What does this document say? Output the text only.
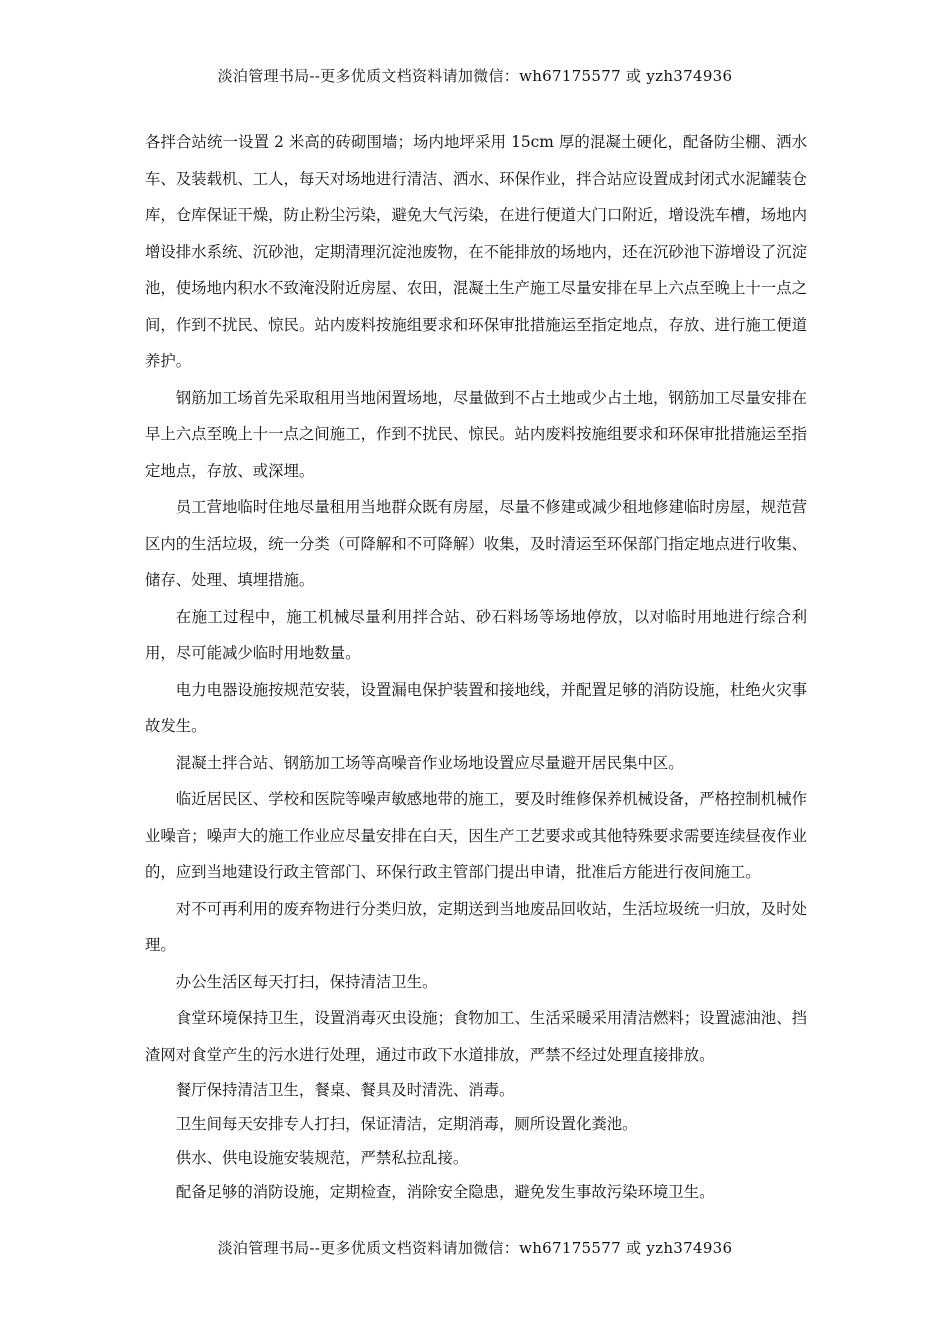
淡泊管理书局--更多优质文档资料请加微信：wh67175577 或 yzh374936

各拌合站统一设置 2 米高的砖砌围墙；场内地坪采用 15cm 厚的混凝土硬化，配备防尘棚、洒水车、及装载机、工人，每天对场地进行清洁、洒水、环保作业，拌合站应设置成封闭式水泥罐装仓库，仓库保证干燥，防止粉尘污染，避免大气污染，在进行便道大门口附近，增设洗车槽，场地内增设排水系统、沉砂池，定期清理沉淀池废物，在不能排放的场地内，还在沉砂池下游增设了沉淀池，使场地内积水不致淹没附近房屋、农田，混凝土生产施工尽量安排在早上六点至晚上十一点之间，作到不扰民、惊民。站内废料按施组要求和环保审批措施运至指定地点，存放、进行施工便道养护。

钢筋加工场首先采取租用当地闲置场地，尽量做到不占土地或少占土地，钢筋加工尽量安排在早上六点至晚上十一点之间施工，作到不扰民、惊民。站内废料按施组要求和环保审批措施运至指定地点，存放、或深埋。

员工营地临时住地尽量租用当地群众既有房屋，尽量不修建或减少租地修建临时房屋，规范营区内的生活垃圾，统一分类（可降解和不可降解）收集，及时清运至环保部门指定地点进行收集、储存、处理、填埋措施。

在施工过程中，施工机械尽量利用拌合站、砂石料场等场地停放，以对临时用地进行综合利用，尽可能减少临时用地数量。

电力电器设施按规范安装，设置漏电保护装置和接地线，并配置足够的消防设施，杜绝火灾事故发生。

混凝土拌合站、钢筋加工场等高噪音作业场地设置应尽量避开居民集中区。

临近居民区、学校和医院等噪声敏感地带的施工，要及时维修保养机械设备，严格控制机械作业噪音；噪声大的施工作业应尽量安排在白天，因生产工艺要求或其他特殊要求需要连续昼夜作业的，应到当地建设行政主管部门、环保行政主管部门提出申请，批准后方能进行夜间施工。

对不可再利用的废弃物进行分类归放，定期送到当地废品回收站，生活垃圾统一归放，及时处理。

办公生活区每天打扫，保持清洁卫生。

食堂环境保持卫生，设置消毒灭虫设施；食物加工、生活采暖采用清洁燃料；设置滤油池、挡渣网对食堂产生的污水进行处理，通过市政下水道排放，严禁不经过处理直接排放。

餐厅保持清洁卫生，餐桌、餐具及时清洗、消毒。

卫生间每天安排专人打扫，保证清洁，定期消毒，厕所设置化粪池。

供水、供电设施安装规范，严禁私拉乱接。

配备足够的消防设施，定期检查，消除安全隐患，避免发生事故污染环境卫生。

淡泊管理书局--更多优质文档资料请加微信：wh67175577 或 yzh374936
